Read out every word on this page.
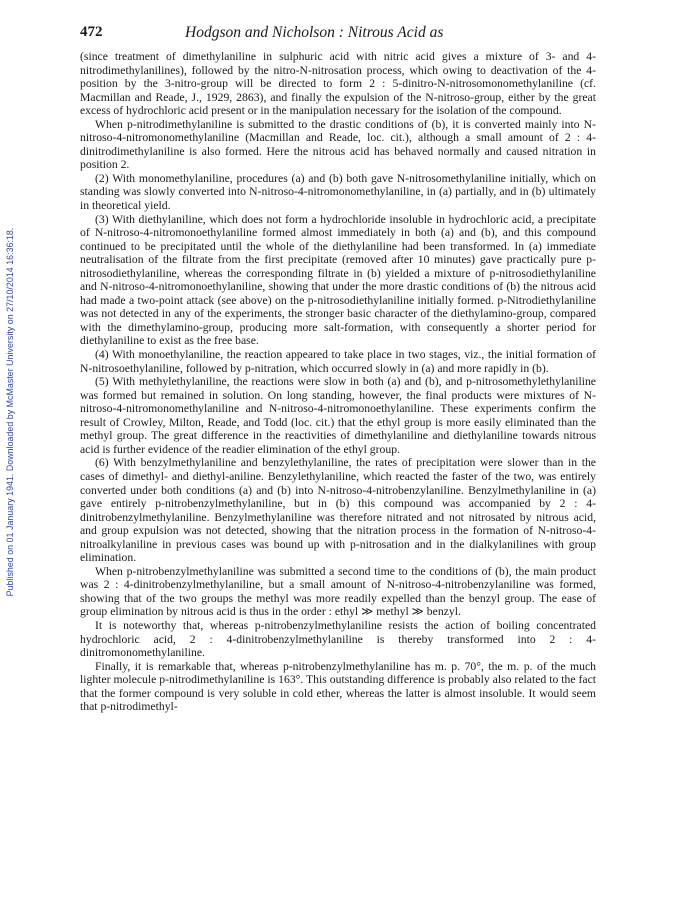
Published on 01 January 1941. Downloaded by McMaster University on 27/10/2014 16:36:18.
472	Hodgson and Nicholson : Nitrous Acid as

(since treatment of dimethylaniline in sulphuric acid with nitric acid gives a mixture of 3- and 4-nitrodimethylanilines), followed by the nitro-N-nitrosation process, which owing to deactivation of the 4-position by the 3-nitro-group will be directed to form 2 : 5-dinitro-N-nitrosomonomethylaniline (cf. Macmillan and Reade, J., 1929, 2863), and finally the expulsion of the N-nitroso-group, either by the great excess of hydrochloric acid present or in the manipulation necessary for the isolation of the compound.

When p-nitrodimethylaniline is submitted to the drastic conditions of (b), it is converted mainly into N-nitroso-4-nitromonomethylaniline (Macmillan and Reade, loc. cit.), although a small amount of 2 : 4-dinitrodimethylaniline is also formed. Here the nitrous acid has behaved normally and caused nitration in position 2.

(2) With monomethylaniline, procedures (a) and (b) both gave N-nitrosomethylaniline initially, which on standing was slowly converted into N-nitroso-4-nitromonomethylaniline, in (a) partially, and in (b) ultimately in theoretical yield.

(3) With diethylaniline, which does not form a hydrochloride insoluble in hydrochloric acid, a precipitate of N-nitroso-4-nitromonoethylaniline formed almost immediately in both (a) and (b), and this compound continued to be precipitated until the whole of the diethylaniline had been transformed. In (a) immediate neutralisation of the filtrate from the first precipitate (removed after 10 minutes) gave practically pure p-nitrosodiethylaniline, whereas the corresponding filtrate in (b) yielded a mixture of p-nitrosodiethylaniline and N-nitroso-4-nitromonoethylaniline, showing that under the more drastic conditions of (b) the nitrous acid had made a two-point attack (see above) on the p-nitrosodiethylaniline initially formed. p-Nitrodiethylaniline was not detected in any of the experiments, the stronger basic character of the diethylamino-group, compared with the dimethylamino-group, producing more salt-formation, with consequently a shorter period for diethylaniline to exist as the free base.

(4) With monoethylaniline, the reaction appeared to take place in two stages, viz., the initial formation of N-nitrosoethylaniline, followed by p-nitration, which occurred slowly in (a) and more rapidly in (b).

(5) With methylethylaniline, the reactions were slow in both (a) and (b), and p-nitrosomethylethylaniline was formed but remained in solution. On long standing, however, the final products were mixtures of N-nitroso-4-nitromonomethylaniline and N-nitroso-4-nitromonoethylaniline. These experiments confirm the result of Crowley, Milton, Reade, and Todd (loc. cit.) that the ethyl group is more easily eliminated than the methyl group. The great difference in the reactivities of dimethylaniline and diethylaniline towards nitrous acid is further evidence of the readier elimination of the ethyl group.

(6) With benzylmethylaniline and benzylethylaniline, the rates of precipitation were slower than in the cases of dimethyl- and diethyl-aniline. Benzylethylaniline, which reacted the faster of the two, was entirely converted under both conditions (a) and (b) into N-nitroso-4-nitrobenzylaniline. Benzylmethylaniline in (a) gave entirely p-nitrobenzylmethylaniline, but in (b) this compound was accompanied by 2 : 4-dinitrobenzylmethylaniline. Benzylmethylaniline was therefore nitrated and not nitrosated by nitrous acid, and group expulsion was not detected, showing that the nitration process in the formation of N-nitroso-4-nitroalkylaniline in previous cases was bound up with p-nitrosation and in the dialkylanilines with group elimination.

When p-nitrobenzylmethylaniline was submitted a second time to the conditions of (b), the main product was 2 : 4-dinitrobenzylmethylaniline, but a small amount of N-nitroso-4-nitrobenzylaniline was formed, showing that of the two groups the methyl was more readily expelled than the benzyl group. The ease of group elimination by nitrous acid is thus in the order : ethyl ≫ methyl ≫ benzyl.

It is noteworthy that, whereas p-nitrobenzylmethylaniline resists the action of boiling concentrated hydrochloric acid, 2 : 4-dinitrobenzylmethylaniline is thereby transformed into 2 : 4-dinitromonomethylaniline.

Finally, it is remarkable that, whereas p-nitrobenzylmethylaniline has m. p. 70°, the m. p. of the much lighter molecule p-nitrodimethylaniline is 163°. This outstanding difference is probably also related to the fact that the former compound is very soluble in cold ether, whereas the latter is almost insoluble. It would seem that p-nitrodimethyl-
